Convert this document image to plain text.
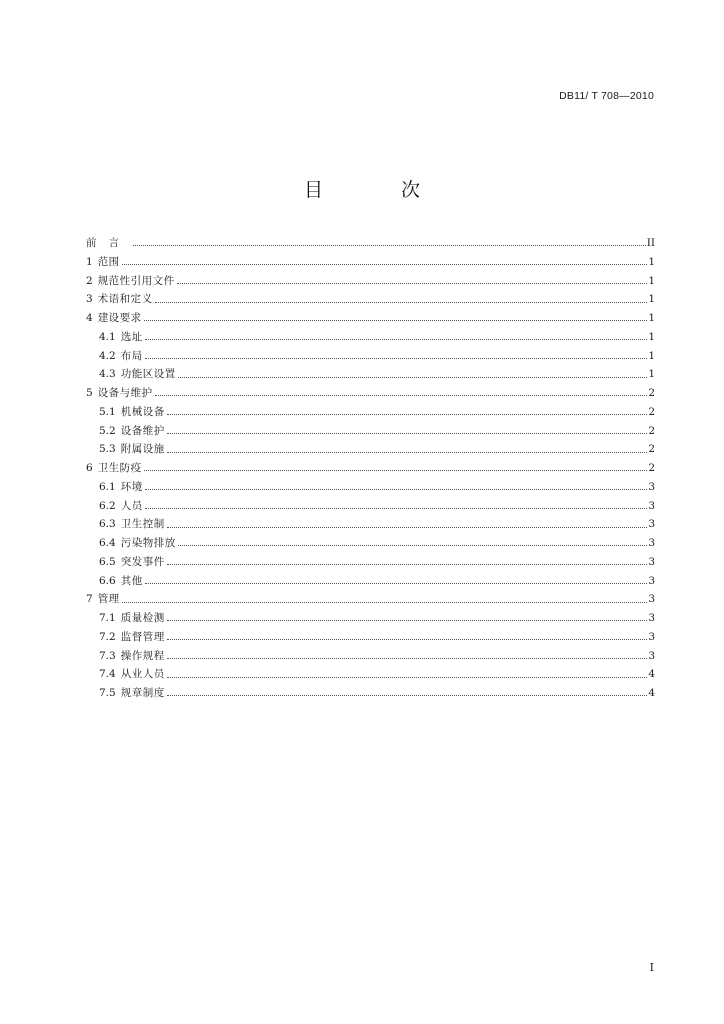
DB11/ T 708—2010
目 次
前言	II
1 范围	1
2 规范性引用文件	1
3 术语和定义	1
4 建设要求	1
4.1 选址	1
4.2 布局	1
4.3 功能区设置	1
5 设备与维护	2
5.1 机械设备	2
5.2 设备维护	2
5.3 附属设施	2
6 卫生防疫	2
6.1 环境	3
6.2 人员	3
6.3 卫生控制	3
6.4 污染物排放	3
6.5 突发事件	3
6.6 其他	3
7 管理	3
7.1 质量检测	3
7.2 监督管理	3
7.3 操作规程	3
7.4 从业人员	4
7.5 规章制度	4
I
